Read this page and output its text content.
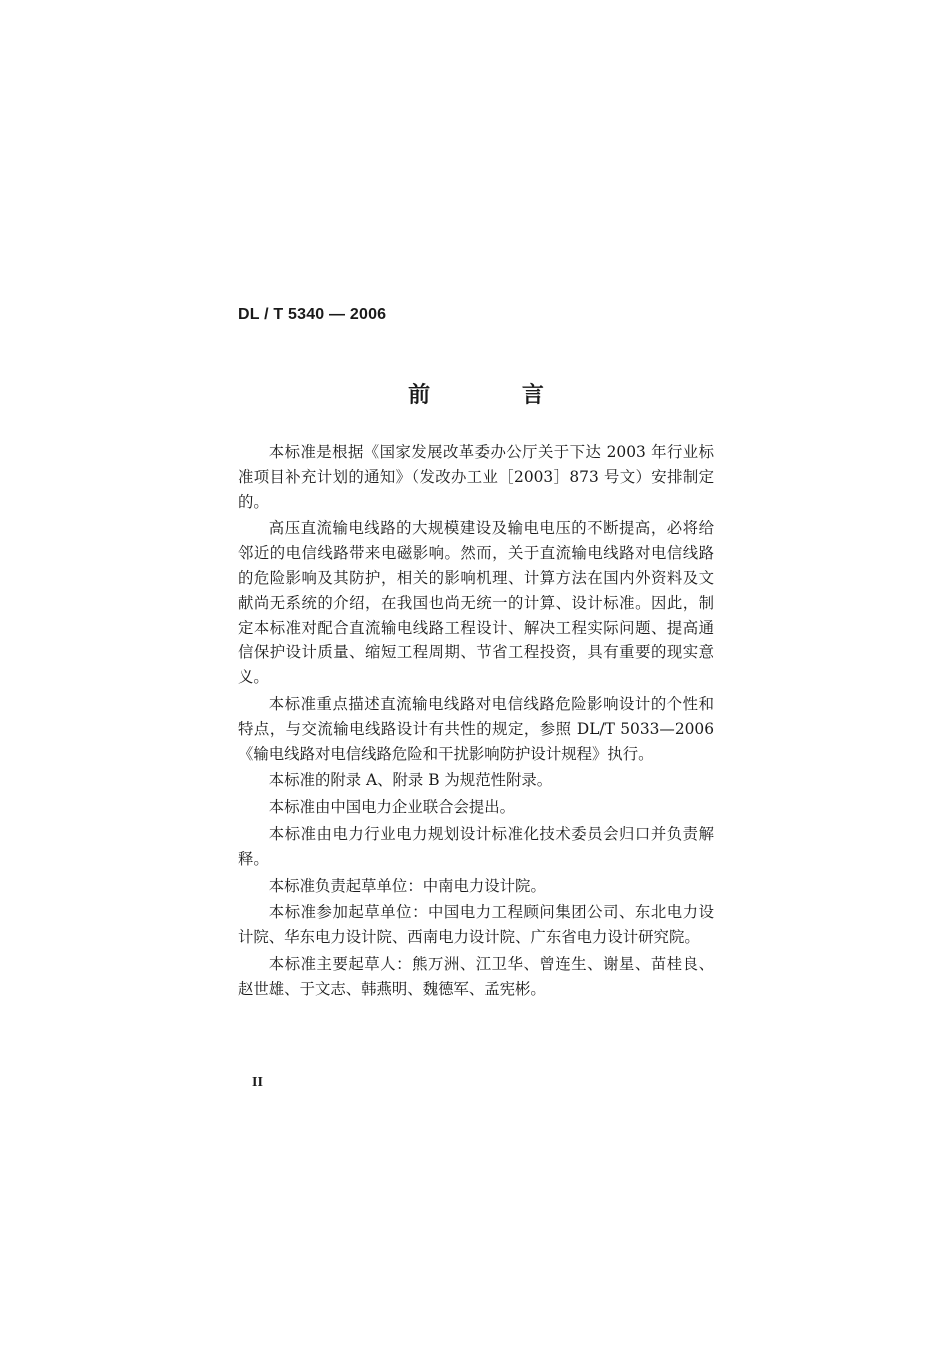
DL / T 5340 — 2006
前 言

本标准是根据《国家发展改革委办公厅关于下达 2003 年行业标准项目补充计划的通知》（发改办工业［2003］873 号文）安排制定的。

高压直流输电线路的大规模建设及输电电压的不断提高，必将给邻近的电信线路带来电磁影响。然而，关于直流输电线路对电信线路的危险影响及其防护，相关的影响机理、计算方法在国内外资料及文献尚无系统的介绍，在我国也尚无统一的计算、设计标准。因此，制定本标准对配合直流输电线路工程设计、解决工程实际问题、提高通信保护设计质量、缩短工程周期、节省工程投资，具有重要的现实意义。

本标准重点描述直流输电线路对电信线路危险影响设计的个性和特点，与交流输电线路设计有共性的规定，参照 DL/T 5033—2006《输电线路对电信线路危险和干扰影响防护设计规程》执行。

本标准的附录 A、附录 B 为规范性附录。

本标准由中国电力企业联合会提出。

本标准由电力行业电力规划设计标准化技术委员会归口并负责解释。

本标准负责起草单位：中南电力设计院。

本标准参加起草单位：中国电力工程顾问集团公司、东北电力设计院、华东电力设计院、西南电力设计院、广东省电力设计研究院。

本标准主要起草人：熊万洲、江卫华、曾连生、谢星、苗桂良、赵世雄、于文志、韩燕明、魏德军、孟宪彬。

II
